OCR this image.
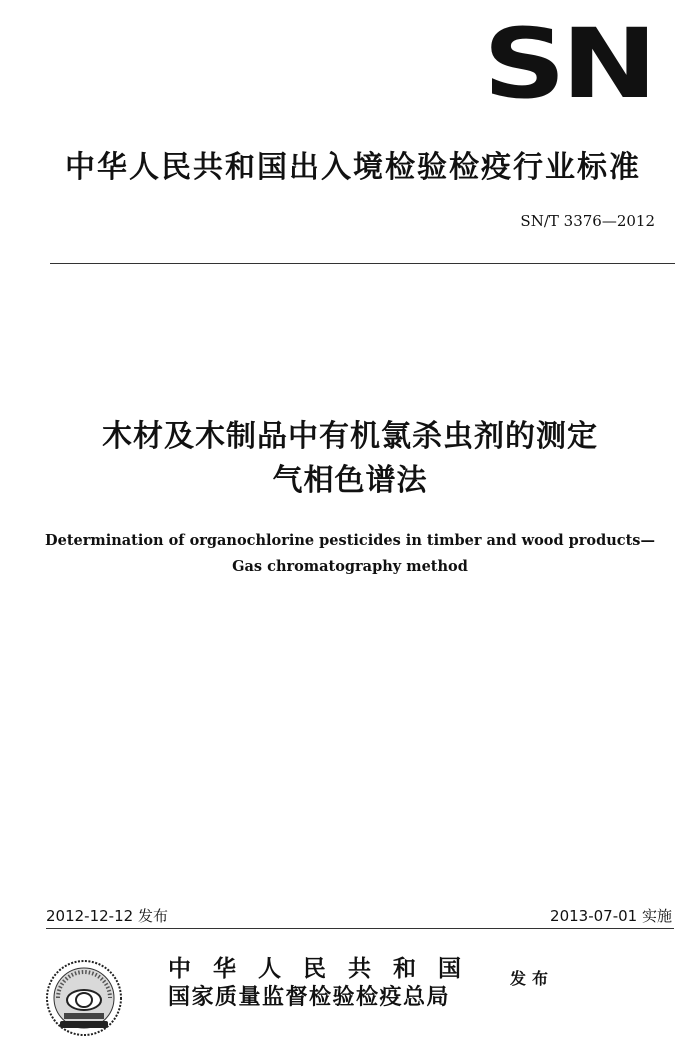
SN
中华人民共和国出入境检验检疫行业标准
SN/T 3376—2012
木材及木制品中有机氯杀虫剂的测定
气相色谱法
Determination of organochlorine pesticides in timber and wood products—
Gas chromatography method
2012-12-12 发布	2013-07-01 实施
中华人民共和国
国家质量监督检验检疫总局
发布
